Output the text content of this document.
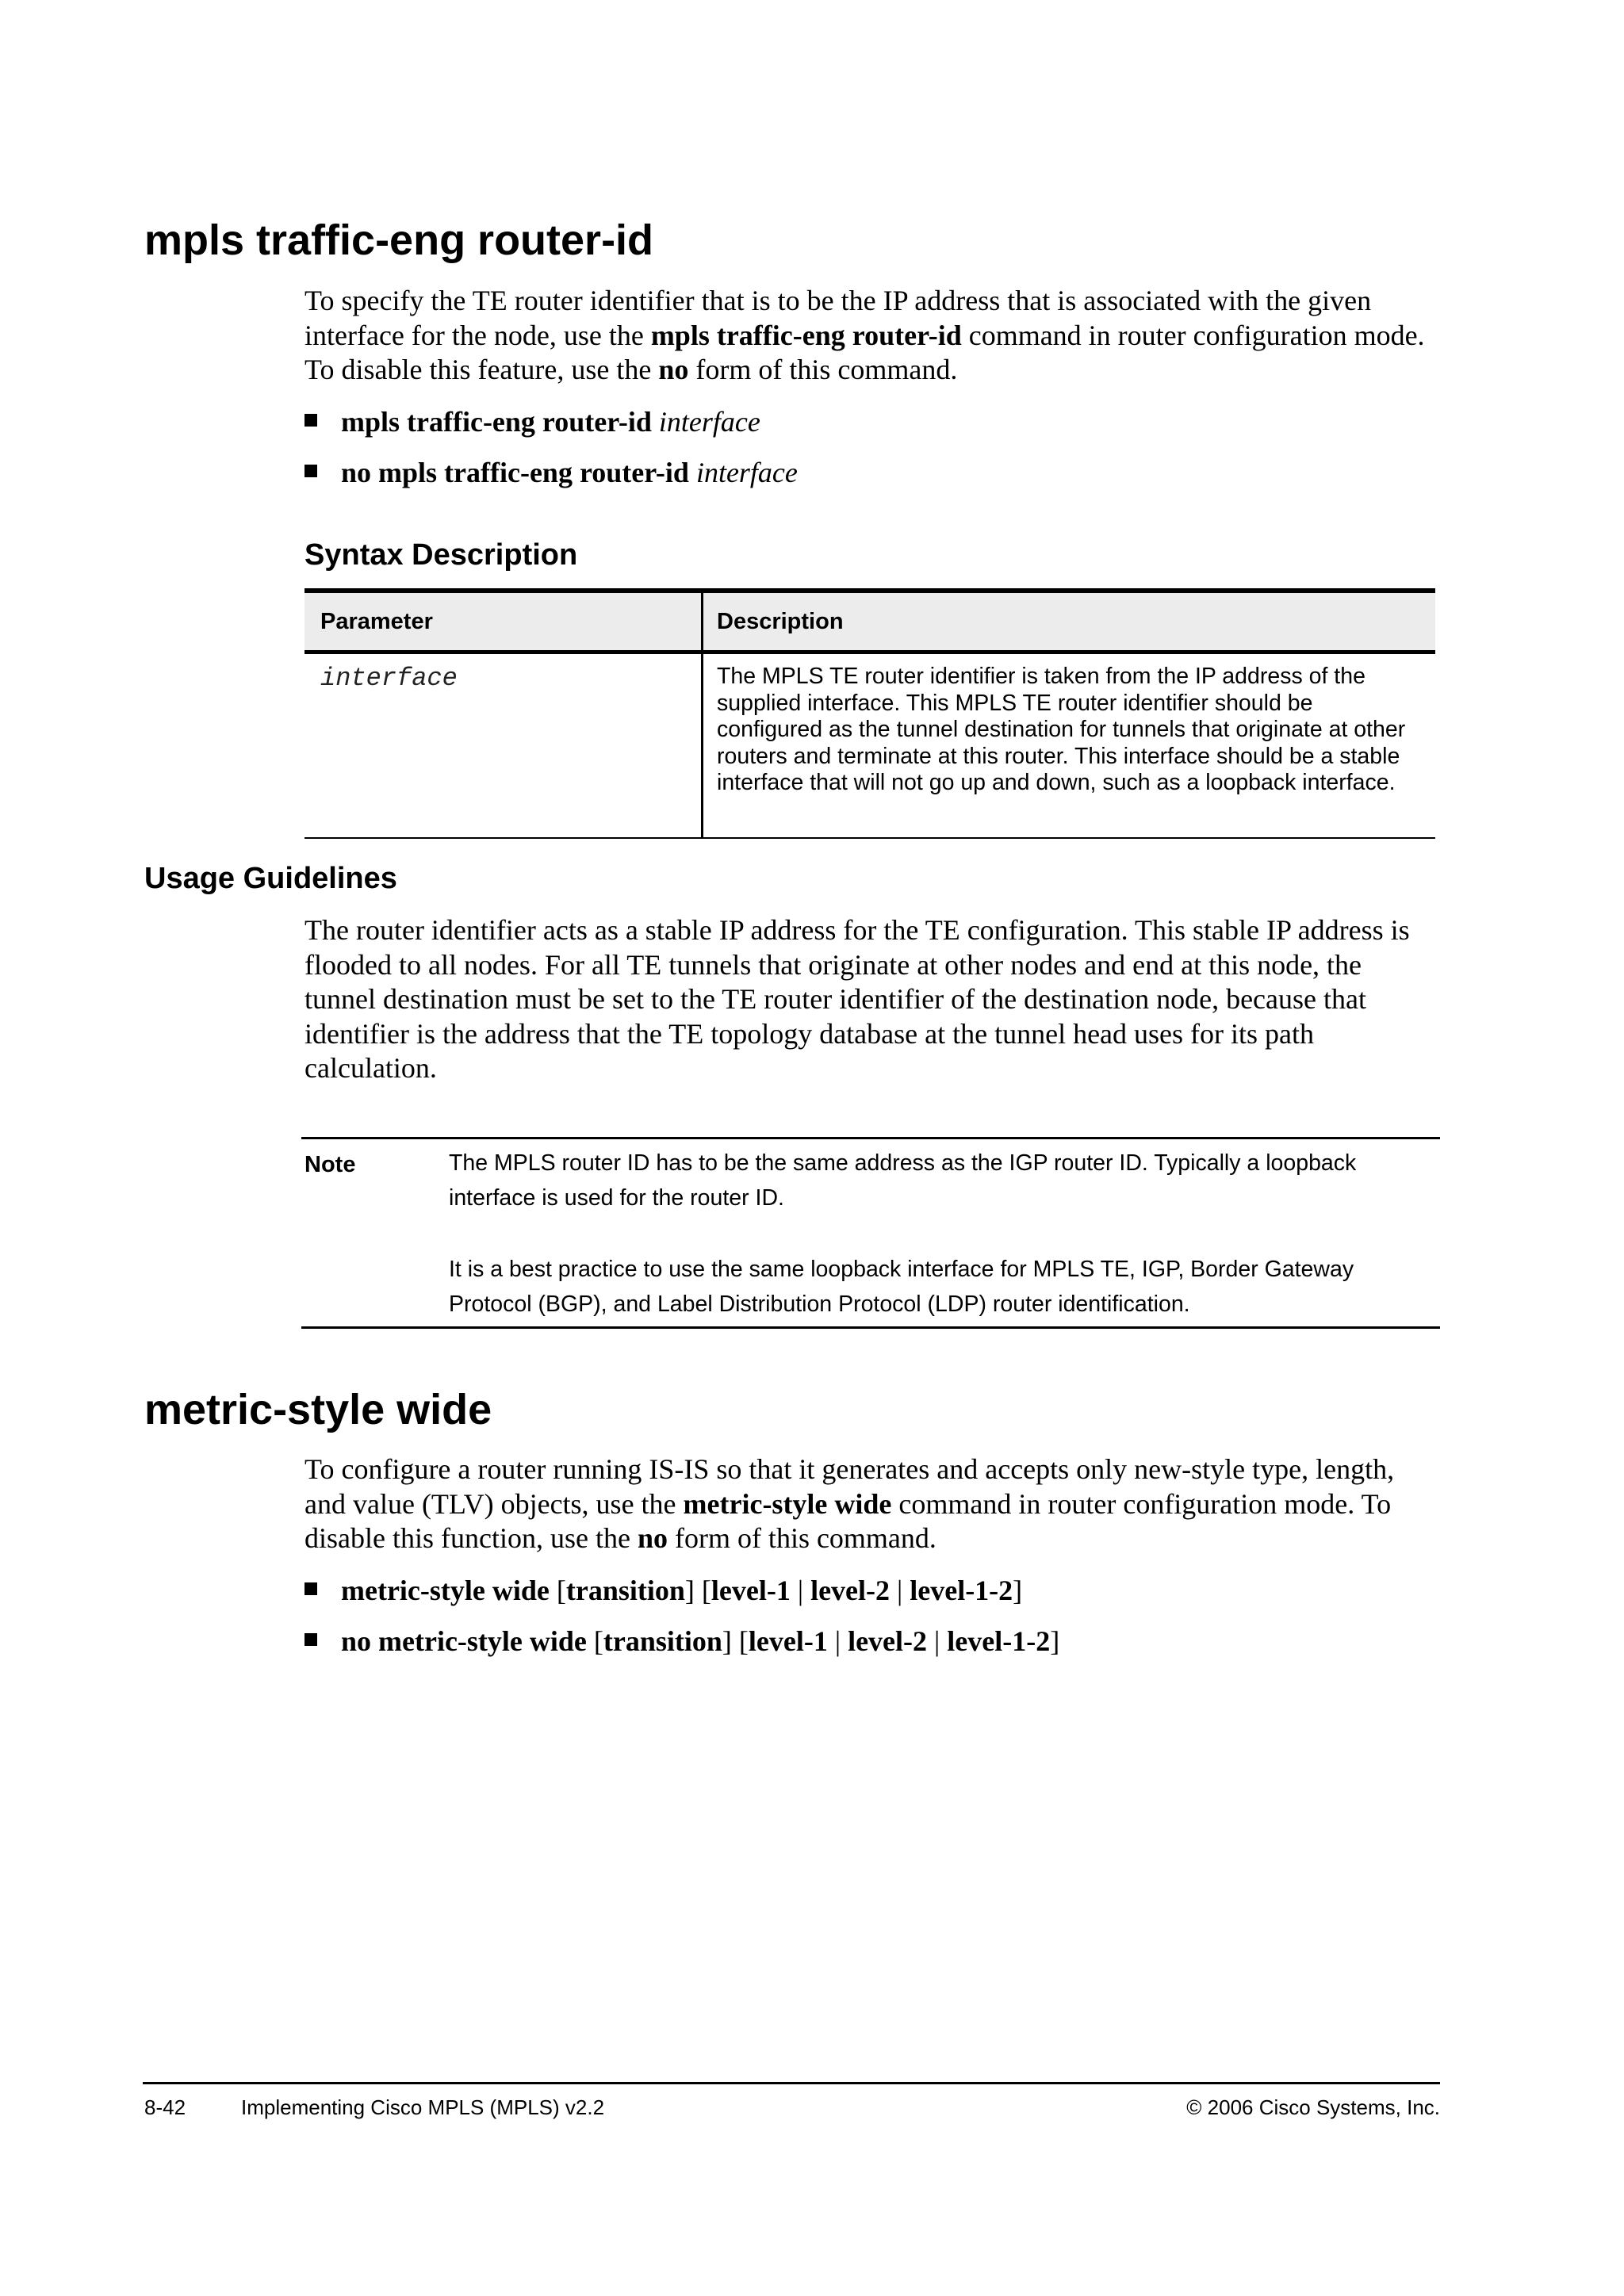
mpls traffic-eng router-id

To specify the TE router identifier that is to be the IP address that is associated with the given interface for the node, use the mpls traffic-eng router-id command in router configuration mode. To disable this feature, use the no form of this command.

mpls traffic-eng router-id interface

no mpls traffic-eng router-id interface

Syntax Description
Parameter	Description
interface	The MPLS TE router identifier is taken from the IP address of the supplied interface. This MPLS TE router identifier should be configured as the tunnel destination for tunnels that originate at other routers and terminate at this router. This interface should be a stable interface that will not go up and down, such as a loopback interface.
Usage Guidelines

The router identifier acts as a stable IP address for the TE configuration. This stable IP address is flooded to all nodes. For all TE tunnels that originate at other nodes and end at this node, the tunnel destination must be set to the TE router identifier of the destination node, because that identifier is the address that the TE topology database at the tunnel head uses for its path calculation.

Note	The MPLS router ID has to be the same address as the IGP router ID. Typically a loopback interface is used for the router ID.
It is a best practice to use the same loopback interface for MPLS TE, IGP, Border Gateway Protocol (BGP), and Label Distribution Protocol (LDP) router identification.
metric-style wide

To configure a router running IS-IS so that it generates and accepts only new-style type, length, and value (TLV) objects, use the metric-style wide command in router configuration mode. To disable this function, use the no form of this command.

metric-style wide [transition] [level-1 | level-2 | level-1-2]

no metric-style wide [transition] [level-1 | level-2 | level-1-2]

8-42	Implementing Cisco MPLS (MPLS) v2.2	© 2006 Cisco Systems, Inc.
